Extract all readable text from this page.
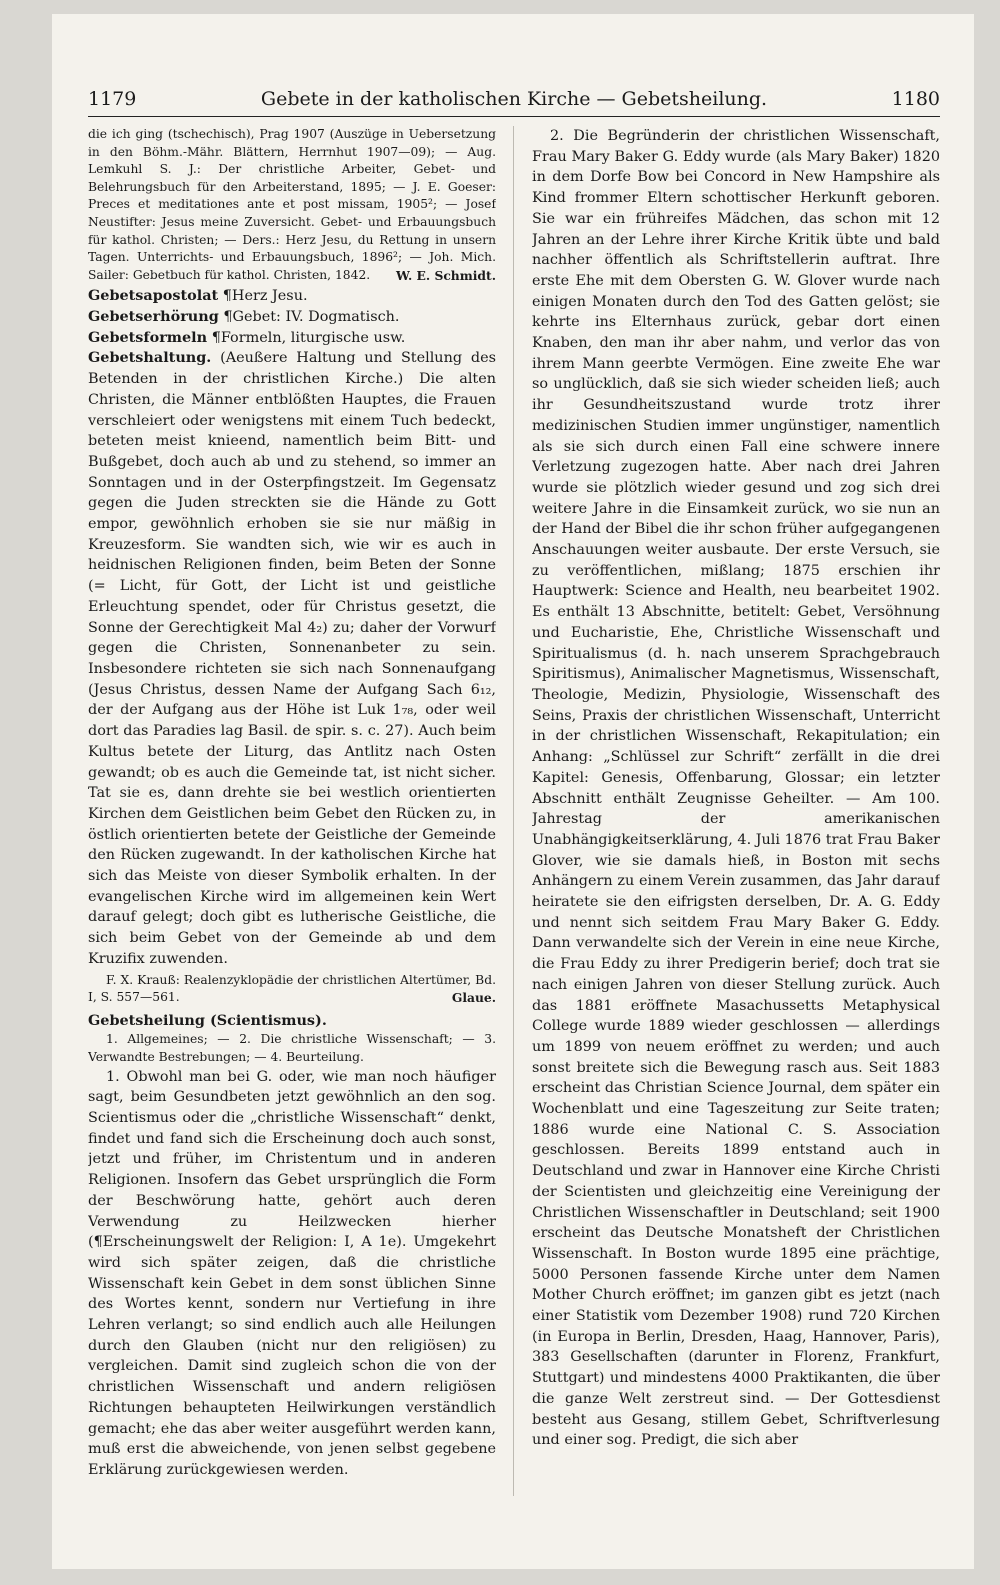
1179	Gebete in der katholischen Kirche — Gebetsheilung.	1180

die ich ging (tschechisch), Prag 1907 (Auszüge in Uebersetzung in den Böhm.-Mähr. Blättern, Herrnhut 1907—09); — Aug. Lemkuhl S. J.: Der christliche Arbeiter, Gebet- und Belehrungsbuch für den Arbeiterstand, 1895; — J. E. Goeser: Preces et meditationes ante et post missam, 1905²; — Josef Neustifter: Jesus meine Zuversicht. Gebet- und Erbauungsbuch für kathol. Christen; — Ders.: Herz Jesu, du Rettung in unsern Tagen. Unterrichts- und Erbauungsbuch, 1896²; — Joh. Mich. Sailer: Gebetbuch für kathol. Christen, 1842. W. E. Schmidt.

Gebetsapostolat ¶Herz Jesu.

Gebetserhörung ¶Gebet: IV. Dogmatisch.

Gebetsformeln ¶Formeln, liturgische usw.

Gebetshaltung. (Aeußere Haltung und Stellung des Betenden in der christlichen Kirche.) Die alten Christen, die Männer entblößten Hauptes, die Frauen verschleiert oder wenigstens mit einem Tuch bedeckt, beteten meist knieend, namentlich beim Bitt- und Bußgebet, doch auch ab und zu stehend, so immer an Sonntagen und in der Osterpfingstzeit. Im Gegensatz gegen die Juden streckten sie die Hände zu Gott empor, gewöhnlich erhoben sie sie nur mäßig in Kreuzesform. Sie wandten sich, wie wir es auch in heidnischen Religionen finden, beim Beten der Sonne (= Licht, für Gott, der Licht ist und geistliche Erleuchtung spendet, oder für Christus gesetzt, die Sonne der Gerechtigkeit Mal 4₂) zu; daher der Vorwurf gegen die Christen, Sonnenanbeter zu sein. Insbesondere richteten sie sich nach Sonnenaufgang (Jesus Christus, dessen Name der Aufgang Sach 6₁₂, der der Aufgang aus der Höhe ist Luk 1₇₈, oder weil dort das Paradies lag Basil. de spir. s. c. 27). Auch beim Kultus betete der Liturg, das Antlitz nach Osten gewandt; ob es auch die Gemeinde tat, ist nicht sicher. Tat sie es, dann drehte sie bei westlich orientierten Kirchen dem Geistlichen beim Gebet den Rücken zu, in östlich orientierten betete der Geistliche der Gemeinde den Rücken zugewandt. In der katholischen Kirche hat sich das Meiste von dieser Symbolik erhalten. In der evangelischen Kirche wird im allgemeinen kein Wert darauf gelegt; doch gibt es lutherische Geistliche, die sich beim Gebet von der Gemeinde ab und dem Kruzifix zuwenden.

F. X. Krauß: Realenzyklopädie der christlichen Altertümer, Bd. I, S. 557—561.	Glaue.

Gebetsheilung (Scientismus).

1. Allgemeines; — 2. Die christliche Wissenschaft; — 3. Verwandte Bestrebungen; — 4. Beurteilung.

1. Obwohl man bei G. oder, wie man noch häufiger sagt, beim Gesundbeten jetzt gewöhnlich an den sog. Scientismus oder die „christliche Wissenschaft“ denkt, findet und fand sich die Erscheinung doch auch sonst, jetzt und früher, im Christentum und in anderen Religionen. Insofern das Gebet ursprünglich die Form der Beschwörung hatte, gehört auch deren Verwendung zu Heilzwecken hierher (¶Erscheinungswelt der Religion: I, A 1e). Umgekehrt wird sich später zeigen, daß die christliche Wissenschaft kein Gebet in dem sonst üblichen Sinne des Wortes kennt, sondern nur Vertiefung in ihre Lehren verlangt; so sind endlich auch alle Heilungen durch den Glauben (nicht nur den religiösen) zu vergleichen. Damit sind zugleich schon die von der christlichen Wissenschaft und andern religiösen Richtungen behaupteten Heilwirkungen verständlich gemacht; ehe das aber weiter ausgeführt werden kann, muß erst die abweichende, von jenen selbst gegebene Erklärung zurückgewiesen werden.

2. Die Begründerin der christlichen Wissenschaft, Frau Mary Baker G. Eddy wurde (als Mary Baker) 1820 in dem Dorfe Bow bei Concord in New Hampshire als Kind frommer Eltern schottischer Herkunft geboren. Sie war ein frühreifes Mädchen, das schon mit 12 Jahren an der Lehre ihrer Kirche Kritik übte und bald nachher öffentlich als Schriftstellerin auftrat. Ihre erste Ehe mit dem Obersten G. W. Glover wurde nach einigen Monaten durch den Tod des Gatten gelöst; sie kehrte ins Elternhaus zurück, gebar dort einen Knaben, den man ihr aber nahm, und verlor das von ihrem Mann geerbte Vermögen. Eine zweite Ehe war so unglücklich, daß sie sich wieder scheiden ließ; auch ihr Gesundheitszustand wurde trotz ihrer medizinischen Studien immer ungünstiger, namentlich als sie sich durch einen Fall eine schwere innere Verletzung zugezogen hatte. Aber nach drei Jahren wurde sie plötzlich wieder gesund und zog sich drei weitere Jahre in die Einsamkeit zurück, wo sie nun an der Hand der Bibel die ihr schon früher aufgegangenen Anschauungen weiter ausbaute. Der erste Versuch, sie zu veröffentlichen, mißlang; 1875 erschien ihr Hauptwerk: Science and Health, neu bearbeitet 1902. Es enthält 13 Abschnitte, betitelt: Gebet, Versöhnung und Eucharistie, Ehe, Christliche Wissenschaft und Spiritualismus (d. h. nach unserem Sprachgebrauch Spiritismus), Animalischer Magnetismus, Wissenschaft, Theologie, Medizin, Physiologie, Wissenschaft des Seins, Praxis der christlichen Wissenschaft, Unterricht in der christlichen Wissenschaft, Rekapitulation; ein Anhang: „Schlüssel zur Schrift“ zerfällt in die drei Kapitel: Genesis, Offenbarung, Glossar; ein letzter Abschnitt enthält Zeugnisse Geheilter. — Am 100. Jahrestag der amerikanischen Unabhängigkeitserklärung, 4. Juli 1876 trat Frau Baker Glover, wie sie damals hieß, in Boston mit sechs Anhängern zu einem Verein zusammen, das Jahr darauf heiratete sie den eifrigsten derselben, Dr. A. G. Eddy und nennt sich seitdem Frau Mary Baker G. Eddy. Dann verwandelte sich der Verein in eine neue Kirche, die Frau Eddy zu ihrer Predigerin berief; doch trat sie nach einigen Jahren von dieser Stellung zurück. Auch das 1881 eröffnete Masachussetts Metaphysical College wurde 1889 wieder geschlossen — allerdings um 1899 von neuem eröffnet zu werden; und auch sonst breitete sich die Bewegung rasch aus. Seit 1883 erscheint das Christian Science Journal, dem später ein Wochenblatt und eine Tageszeitung zur Seite traten; 1886 wurde eine National C. S. Association geschlossen. Bereits 1899 entstand auch in Deutschland und zwar in Hannover eine Kirche Christi der Scientisten und gleichzeitig eine Vereinigung der Christlichen Wissenschaftler in Deutschland; seit 1900 erscheint das Deutsche Monatsheft der Christlichen Wissenschaft. In Boston wurde 1895 eine prächtige, 5000 Personen fassende Kirche unter dem Namen Mother Church eröffnet; im ganzen gibt es jetzt (nach einer Statistik vom Dezember 1908) rund 720 Kirchen (in Europa in Berlin, Dresden, Haag, Hannover, Paris), 383 Gesellschaften (darunter in Florenz, Frankfurt, Stuttgart) und mindestens 4000 Praktikanten, die über die ganze Welt zerstreut sind. — Der Gottesdienst besteht aus Gesang, stillem Gebet, Schriftverlesung und einer sog. Predigt, die sich aber
